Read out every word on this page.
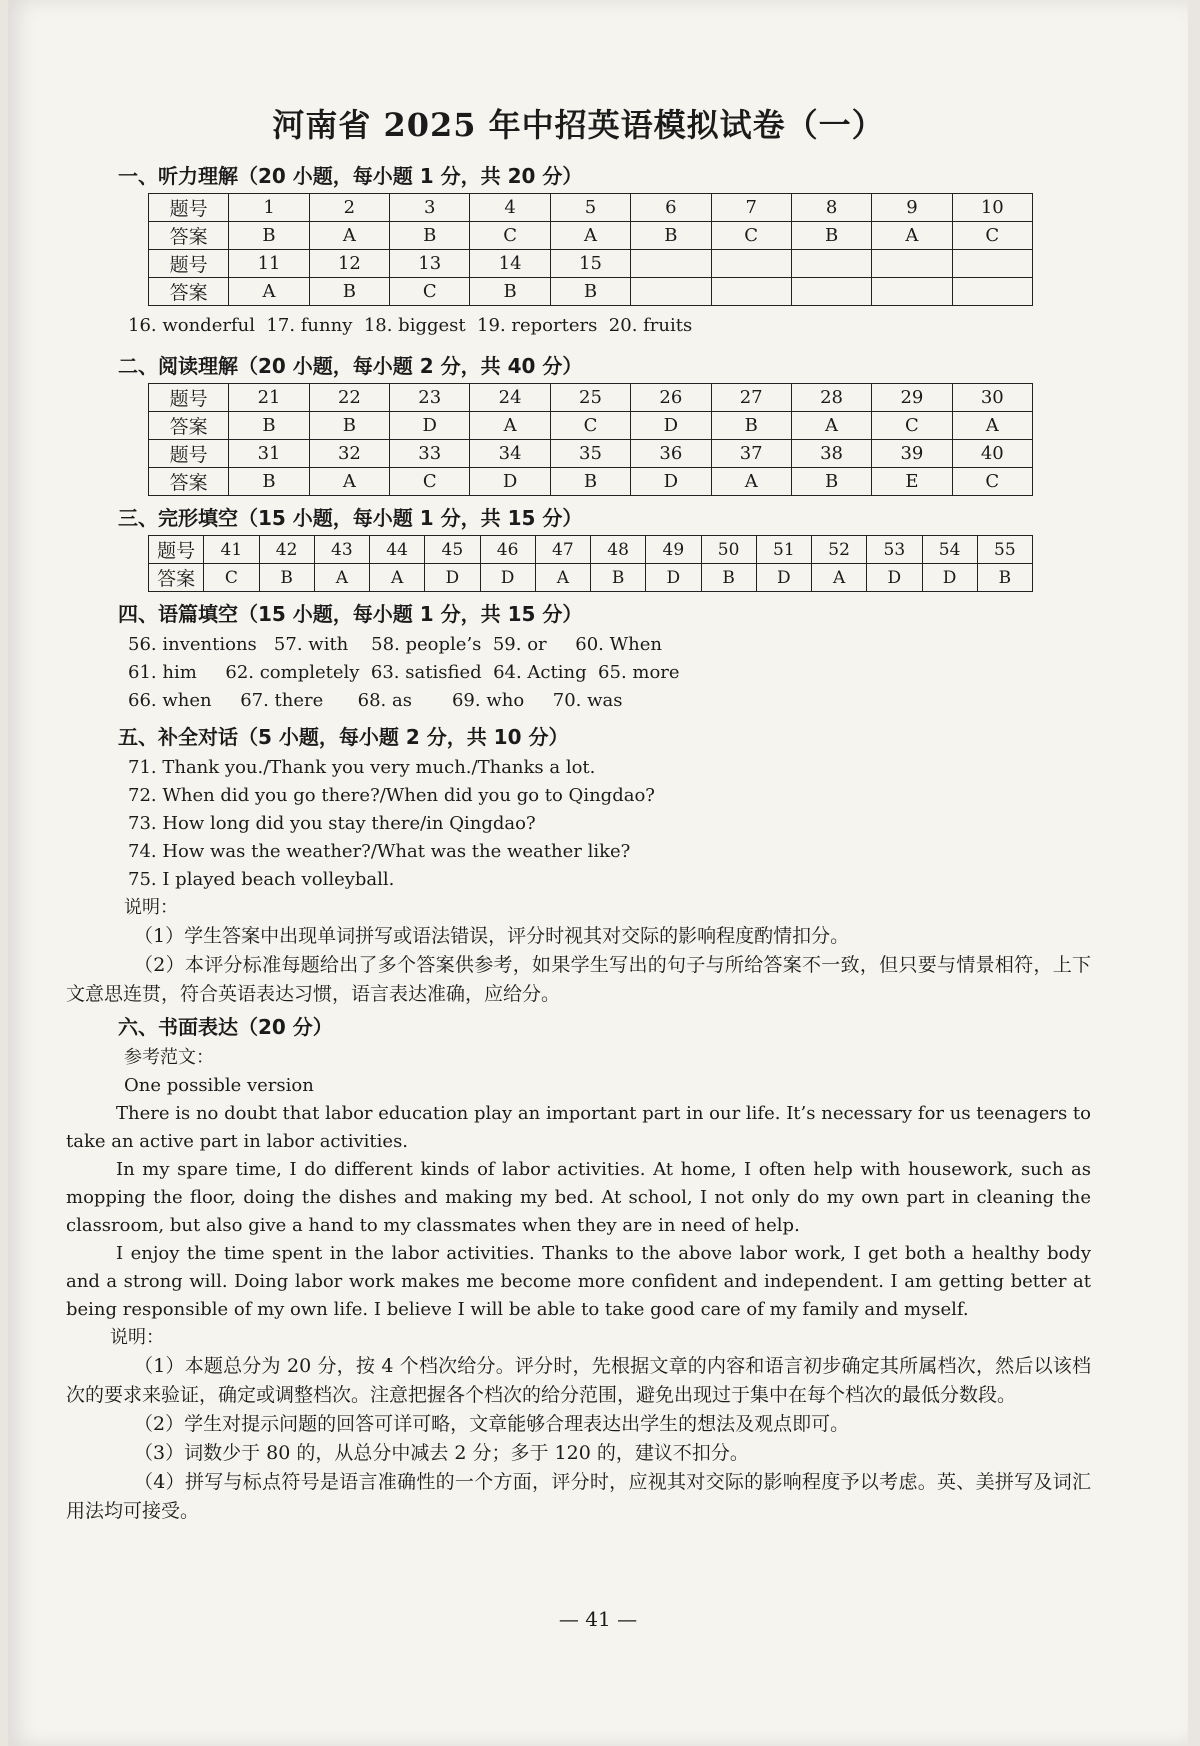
河南省 2025 年中招英语模拟试卷（一）
一、听力理解（20 小题，每小题 1 分，共 20 分）
题号	1	2	3	4	5	6	7	8	9	10
答案	B	A	B	C	A	B	C	B	A	C
题号	11	12	13	14	15					
答案	A	B	C	B	B					
16. wonderful  17. funny  18. biggest  19. reporters  20. fruits
二、阅读理解（20 小题，每小题 2 分，共 40 分）
题号	21	22	23	24	25	26	27	28	29	30
答案	B	B	D	A	C	D	B	A	C	A
题号	31	32	33	34	35	36	37	38	39	40
答案	B	A	C	D	B	D	A	B	E	C
三、完形填空（15 小题，每小题 1 分，共 15 分）
题号	41	42	43	44	45	46	47	48	49	50	51	52	53	54	55
答案	C	B	A	A	D	D	A	B	D	B	D	A	D	D	B
四、语篇填空（15 小题，每小题 1 分，共 15 分）
56. inventions   57. with    58. people’s  59. or     60. When
61. him     62. completely  63. satisfied  64. Acting  65. more
66. when     67. there      68. as       69. who     70. was
五、补全对话（5 小题，每小题 2 分，共 10 分）
71. Thank you./Thank you very much./Thanks a lot.
72. When did you go there?/When did you go to Qingdao?
73. How long did you stay there/in Qingdao?
74. How was the weather?/What was the weather like?
75. I played beach volleyball.
说明：

（1）学生答案中出现单词拼写或语法错误，评分时视其对交际的影响程度酌情扣分。

（2）本评分标准每题给出了多个答案供参考，如果学生写出的句子与所给答案不一致，但只要与情景相符，上下文意思连贯，符合英语表达习惯，语言表达准确，应给分。

六、书面表达（20 分）
参考范文：
One possible version

There is no doubt that labor education play an important part in our life. It’s necessary for us teenagers to take an active part in labor activities.

In my spare time, I do different kinds of labor activities. At home, I often help with housework, such as mopping the floor, doing the dishes and making my bed. At school, I not only do my own part in cleaning the classroom, but also give a hand to my classmates when they are in need of help.

I enjoy the time spent in the labor activities. Thanks to the above labor work, I get both a healthy body and a strong will. Doing labor work makes me become more confident and independent. I am getting better at being responsible of my own life. I believe I will be able to take good care of my family and myself.

说明：

（1）本题总分为 20 分，按 4 个档次给分。评分时，先根据文章的内容和语言初步确定其所属档次，然后以该档次的要求来验证，确定或调整档次。注意把握各个档次的给分范围，避免出现过于集中在每个档次的最低分数段。

（2）学生对提示问题的回答可详可略，文章能够合理表达出学生的想法及观点即可。

（3）词数少于 80 的，从总分中减去 2 分；多于 120 的，建议不扣分。

（4）拼写与标点符号是语言准确性的一个方面，评分时，应视其对交际的影响程度予以考虑。英、美拼写及词汇用法均可接受。

— 41 —
